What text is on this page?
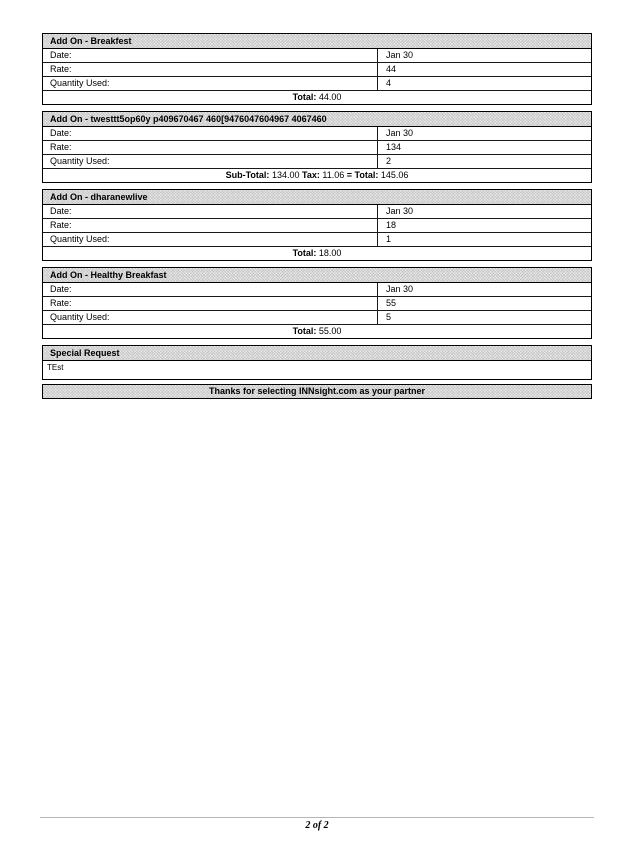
Add On - Breakfest
Date:	Jan 30
Rate:	44
Quantity Used:	4
Total: 44.00
Add On - twesttt5op60y p409670467 460[9476047604967 4067460
Date:	Jan 30
Rate:	134
Quantity Used:	2
Sub-Total: 134.00 Tax: 11.06 = Total: 145.06
Add On - dharanewlive
Date:	Jan 30
Rate:	18
Quantity Used:	1
Total: 18.00
Add On - Healthy Breakfast
Date:	Jan 30
Rate:	55
Quantity Used:	5
Total: 55.00
Special Request
TEst
Thanks for selecting INNsight.com as your partner
2 of 2
